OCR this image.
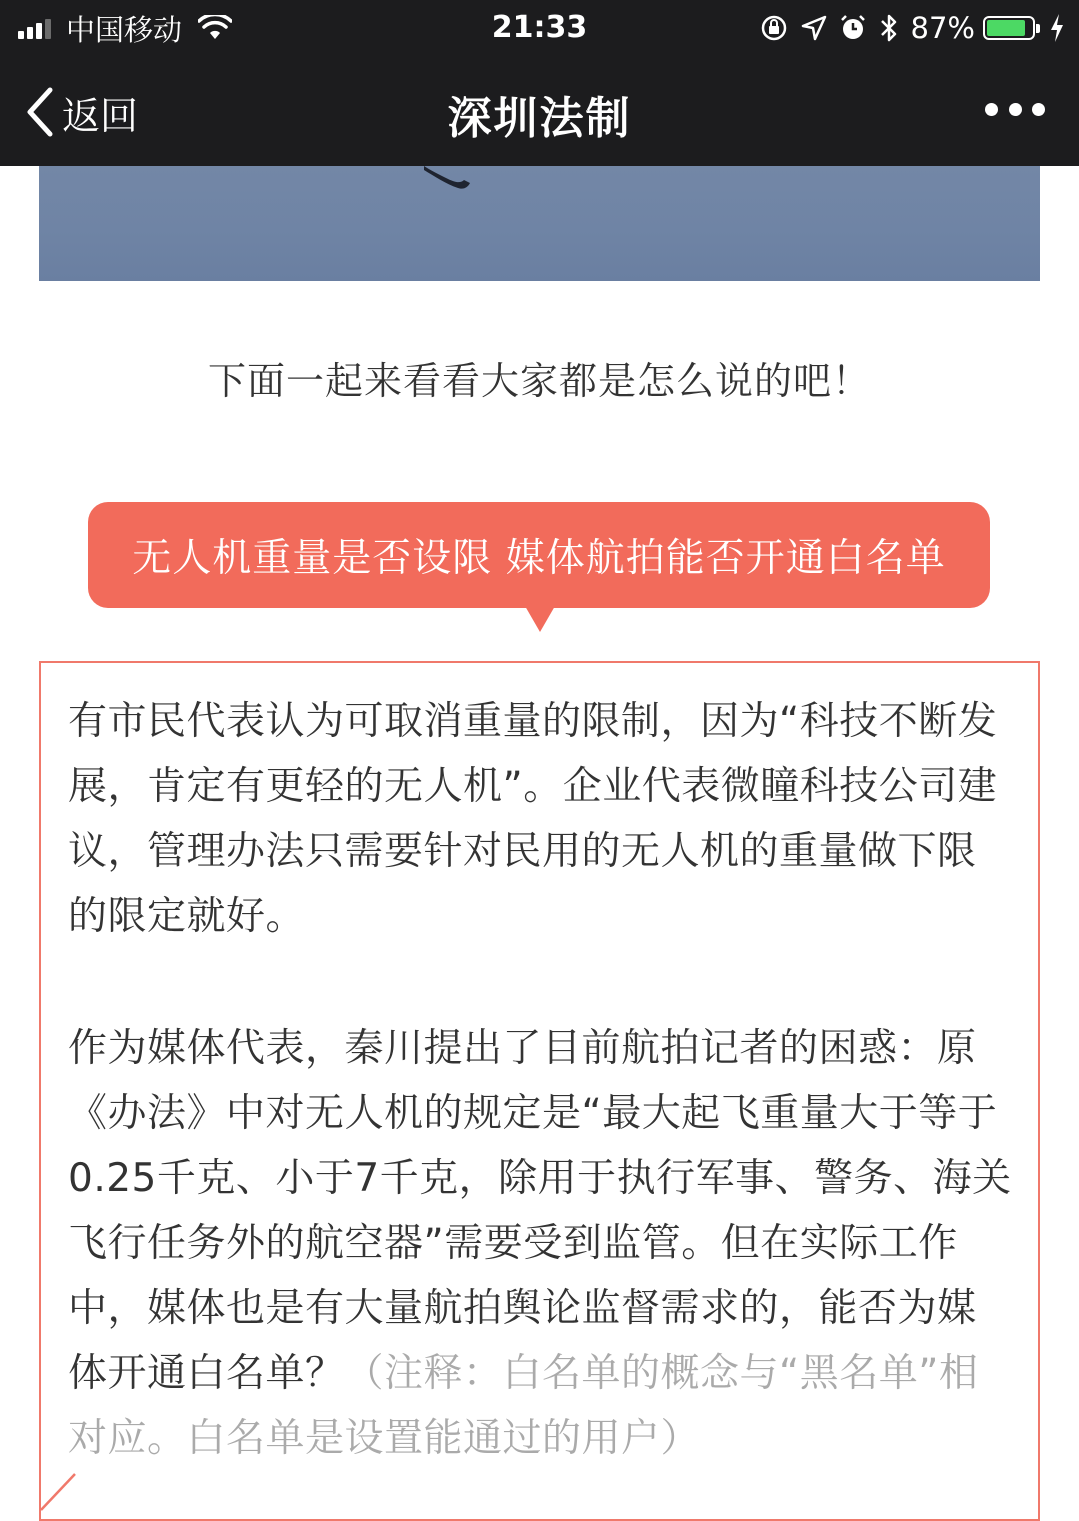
中国移动	21:33	87%
返回	深圳法制
下面一起来看看大家都是怎么说的吧！
无人机重量是否设限 媒体航拍能否开通白名单

有市民代表认为可取消重量的限制，因为“科技不断发展，肯定有更轻的无人机”。企业代表微瞳科技公司建议，管理办法只需要针对民用的无人机的重量做下限的限定就好。

作为媒体代表，秦川提出了目前航拍记者的困惑：原《办法》中对无人机的规定是“最大起飞重量大于等于0.25千克、小于7千克，除用于执行军事、警务、海关飞行任务外的航空器”需要受到监管。但在实际工作中，媒体也是有大量航拍舆论监督需求的，能否为媒体开通白名单？（注释：白名单的概念与“黑名单”相对应。白名单是设置能通过的用户）
